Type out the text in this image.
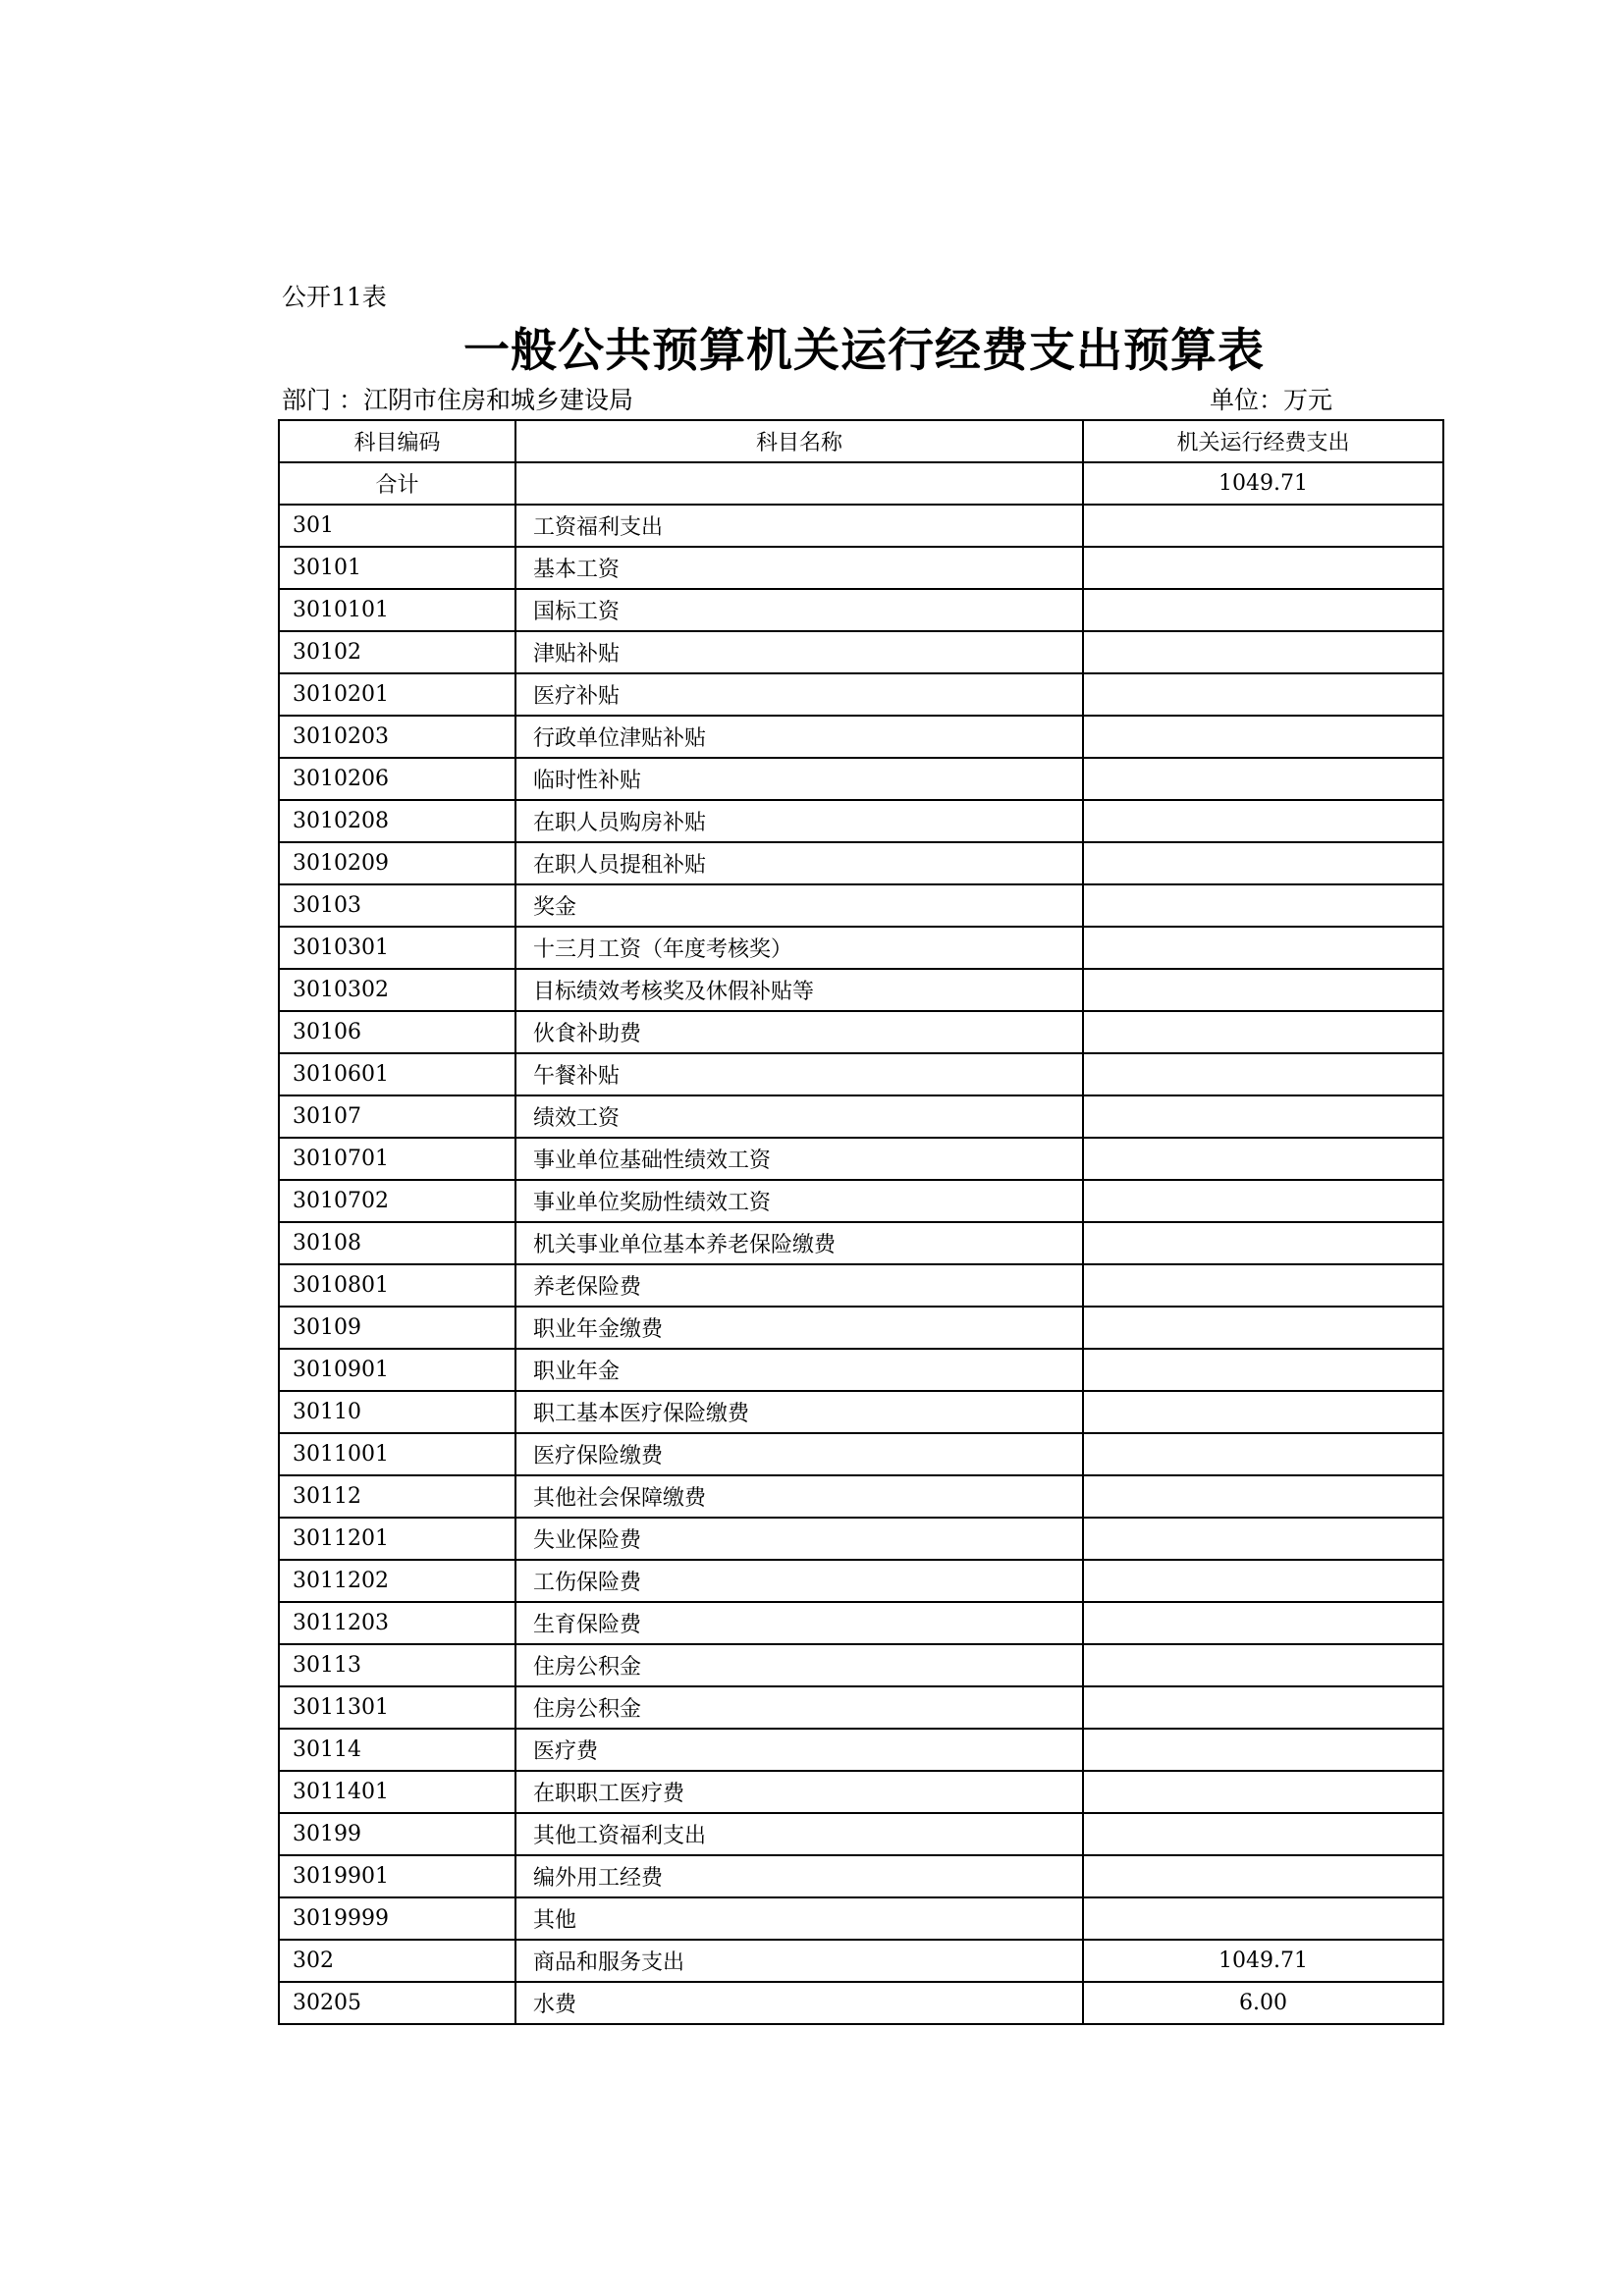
公开11表
一般公共预算机关运行经费支出预算表
部门 ：江阴市住房和城乡建设局	单位：万元
科目编码	科目名称	机关运行经费支出
合计		1049.71
301	工资福利支出	
30101	基本工资	
3010101	国标工资	
30102	津贴补贴	
3010201	医疗补贴	
3010203	行政单位津贴补贴	
3010206	临时性补贴	
3010208	在职人员购房补贴	
3010209	在职人员提租补贴	
30103	奖金	
3010301	十三月工资（年度考核奖）	
3010302	目标绩效考核奖及休假补贴等	
30106	伙食补助费	
3010601	午餐补贴	
30107	绩效工资	
3010701	事业单位基础性绩效工资	
3010702	事业单位奖励性绩效工资	
30108	机关事业单位基本养老保险缴费	
3010801	养老保险费	
30109	职业年金缴费	
3010901	职业年金	
30110	职工基本医疗保险缴费	
3011001	医疗保险缴费	
30112	其他社会保障缴费	
3011201	失业保险费	
3011202	工伤保险费	
3011203	生育保险费	
30113	住房公积金	
3011301	住房公积金	
30114	医疗费	
3011401	在职职工医疗费	
30199	其他工资福利支出	
3019901	编外用工经费	
3019999	其他	
302	商品和服务支出	1049.71
30205	水费	6.00
